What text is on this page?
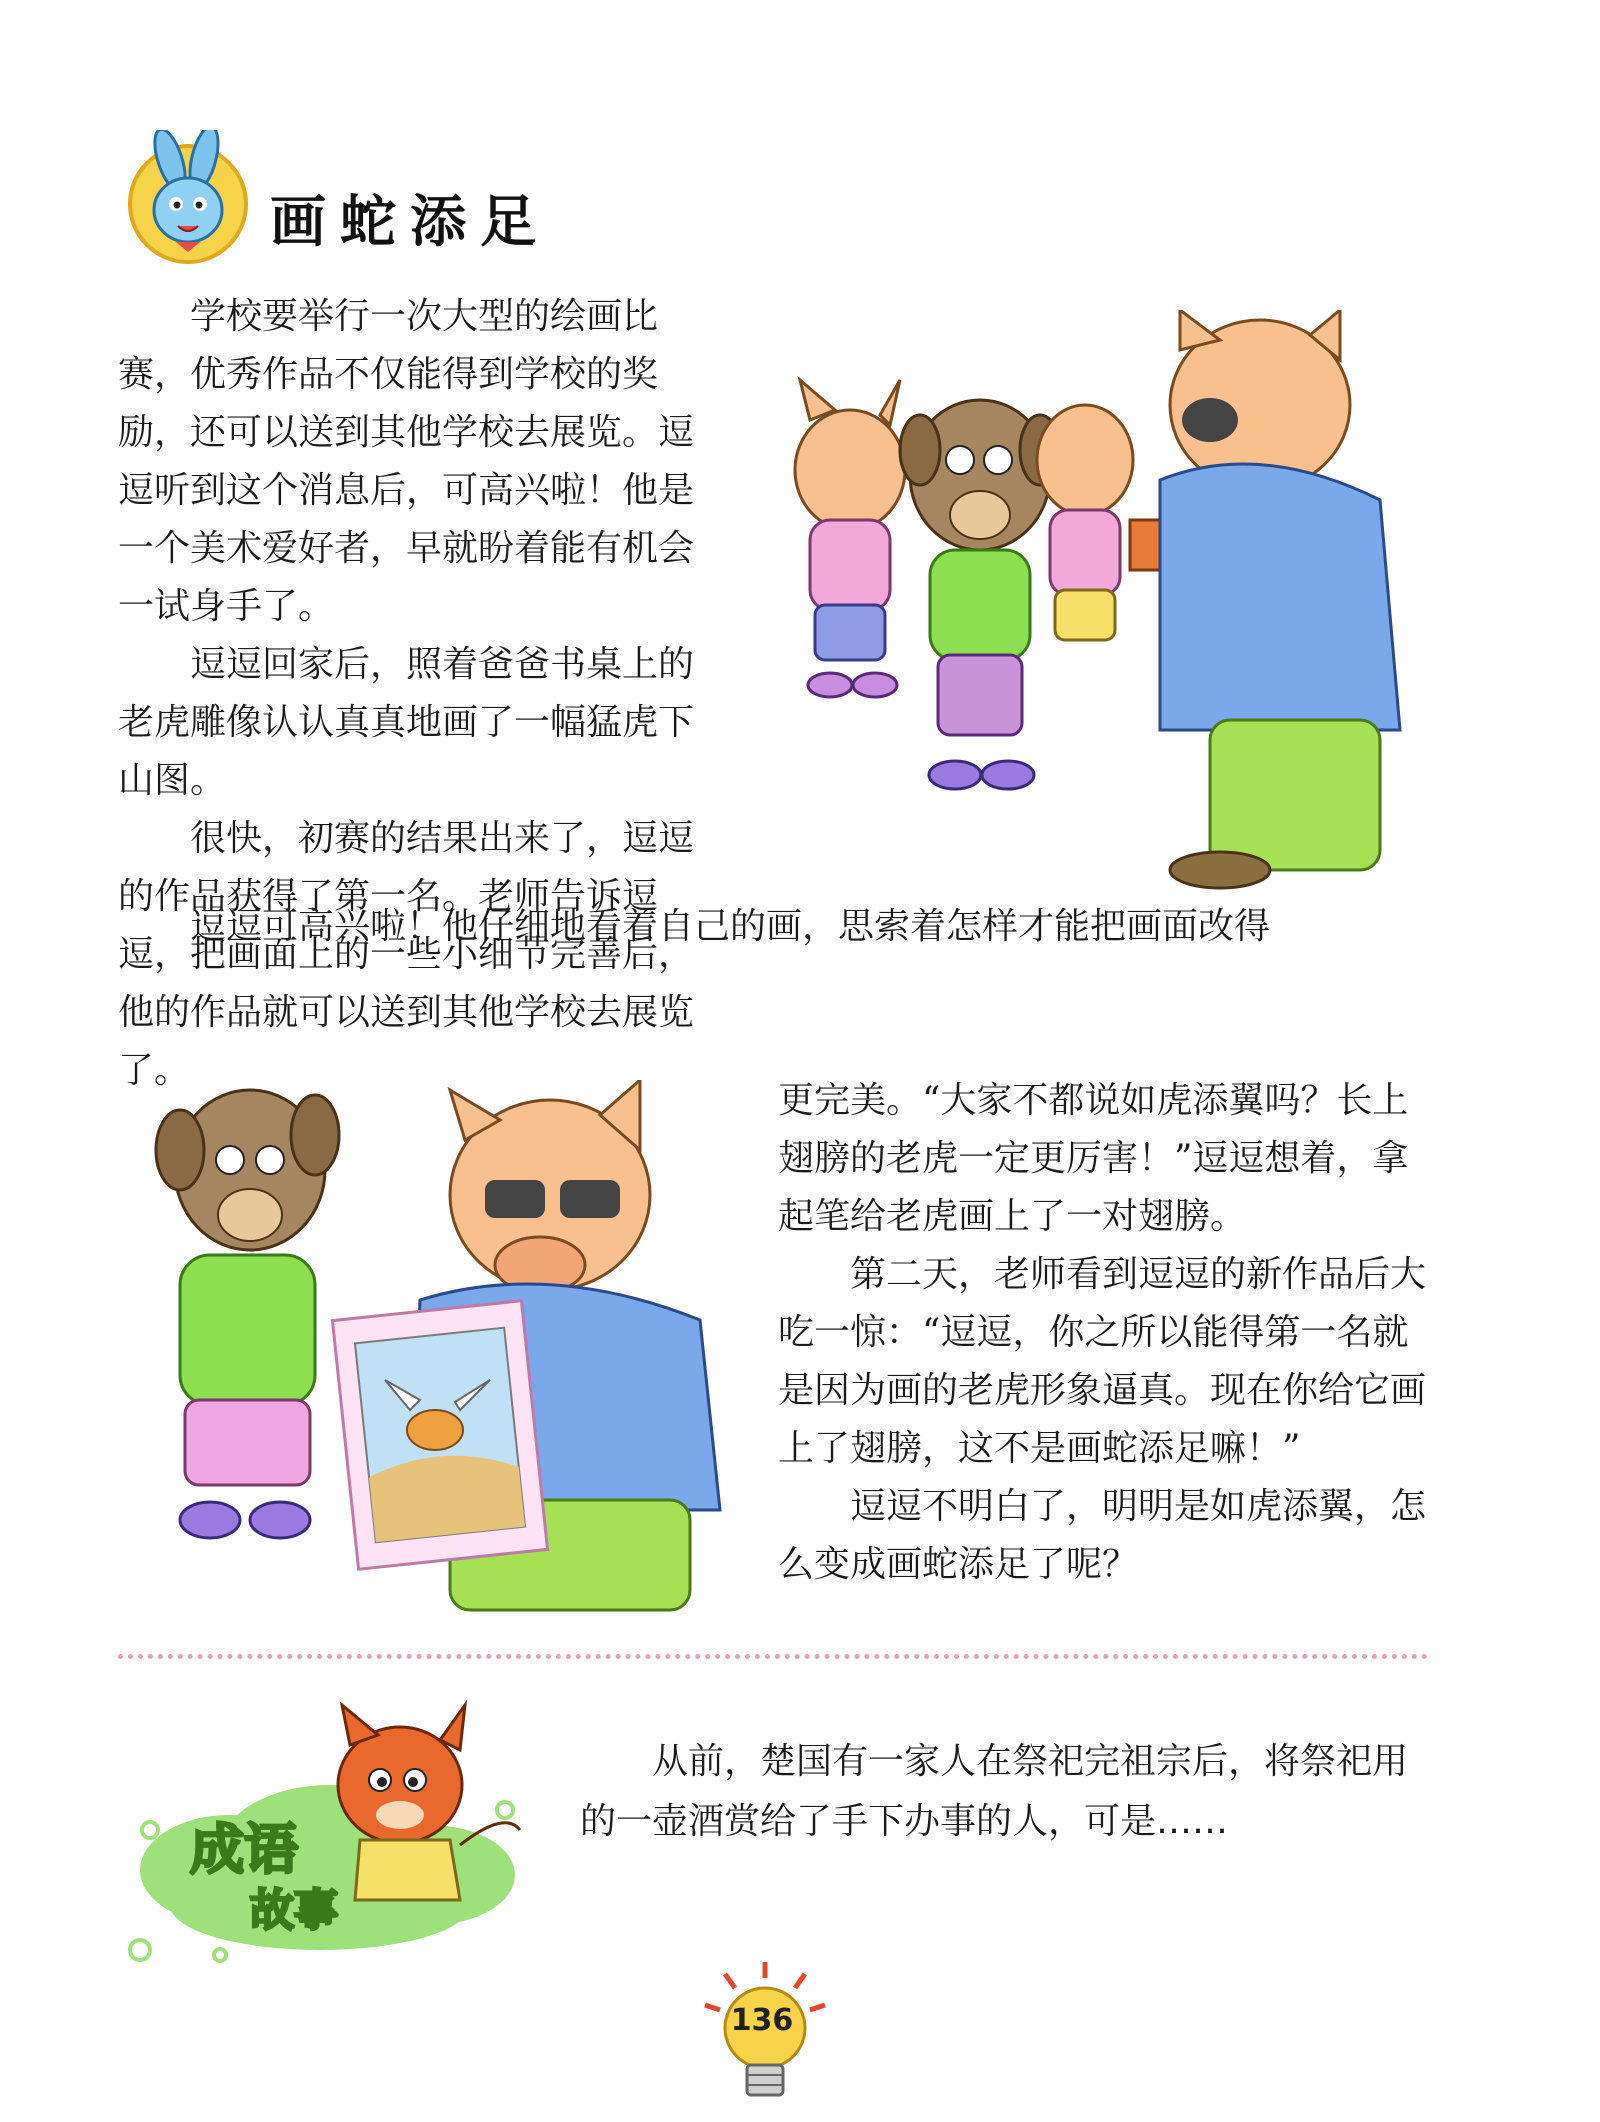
画蛇添足

学校要举行一次大型的绘画比赛，优秀作品不仅能得到学校的奖励，还可以送到其他学校去展览。逗逗听到这个消息后，可高兴啦！他是一个美术爱好者，早就盼着能有机会一试身手了。

逗逗回家后，照着爸爸书桌上的老虎雕像认认真真地画了一幅猛虎下山图。

很快，初赛的结果出来了，逗逗的作品获得了第一名。老师告诉逗逗，把画面上的一些小细节完善后，他的作品就可以送到其他学校去展览了。

逗逗可高兴啦！他仔细地看着自己的画，思索着怎样才能把画面改得

更完美。“大家不都说如虎添翼吗？长上翅膀的老虎一定更厉害！”逗逗想着，拿起笔给老虎画上了一对翅膀。

第二天，老师看到逗逗的新作品后大吃一惊：“逗逗，你之所以能得第一名就是因为画的老虎形象逼真。现在你给它画上了翅膀，这不是画蛇添足嘛！”

逗逗不明白了，明明是如虎添翼，怎么变成画蛇添足了呢？

成语
故事
从前，楚国有一家人在祭祀完祖宗后，将祭祀用的一壶酒赏给了手下办事的人，可是……
136
